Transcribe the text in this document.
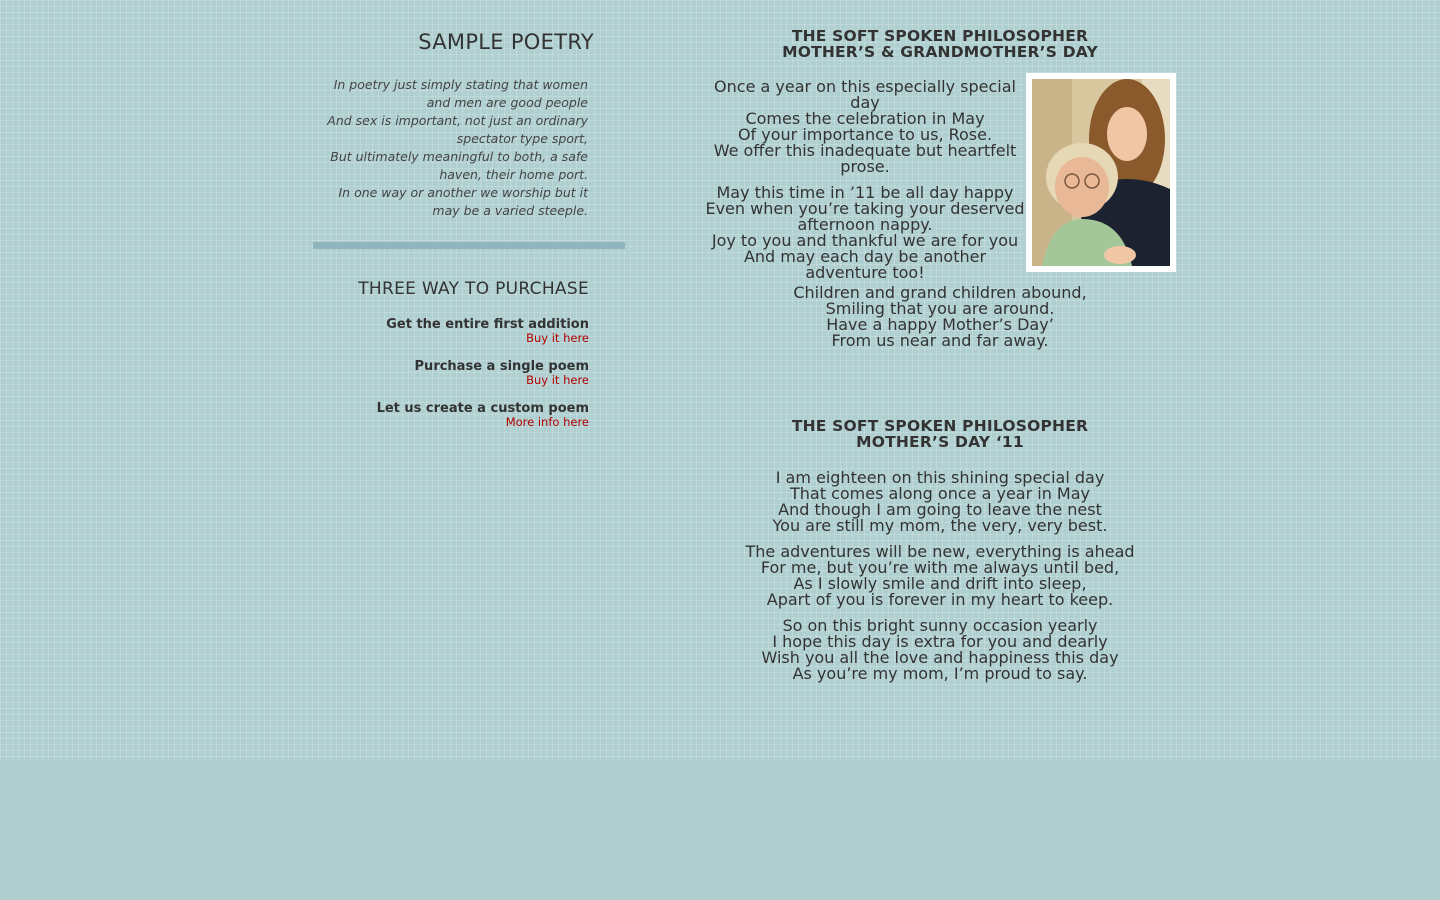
SAMPLE POETRY

In poetry just simply stating that women

and men are good people

And sex is important, not just an ordinary

spectator type sport,

But ultimately meaningful to both, a safe

haven, their home port.

In one way or another we worship but it

may be a varied steeple.

THREE WAY TO PURCHASE
Get the entire first addition
Buy it here
Purchase a single poem
Buy it here
Let us create a custom poem
More info here
THE SOFT SPOKEN PHILOSOPHER
MOTHER’S & GRANDMOTHER’S DAY

Once a year on this especially special

day

Comes the celebration in May

Of your importance to us, Rose.

We offer this inadequate but heartfelt

prose.

May this time in ’11 be all day happy

Even when you’re taking your deserved

afternoon nappy.

Joy to you and thankful we are for you

And may each day be another

adventure too!

Children and grand children abound,

Smiling that you are around.

Have a happy Mother’s Day’

From us near and far away.

THE SOFT SPOKEN PHILOSOPHER
MOTHER’S DAY ‘11

I am eighteen on this shining special day

That comes along once a year in May

And though I am going to leave the nest

You are still my mom, the very, very best.

The adventures will be new, everything is ahead

For me, but you’re with me always until bed,

As I slowly smile and drift into sleep,

Apart of you is forever in my heart to keep.

So on this bright sunny occasion yearly

I hope this day is extra for you and dearly

Wish you all the love and happiness this day

As you’re my mom, I’m proud to say.
